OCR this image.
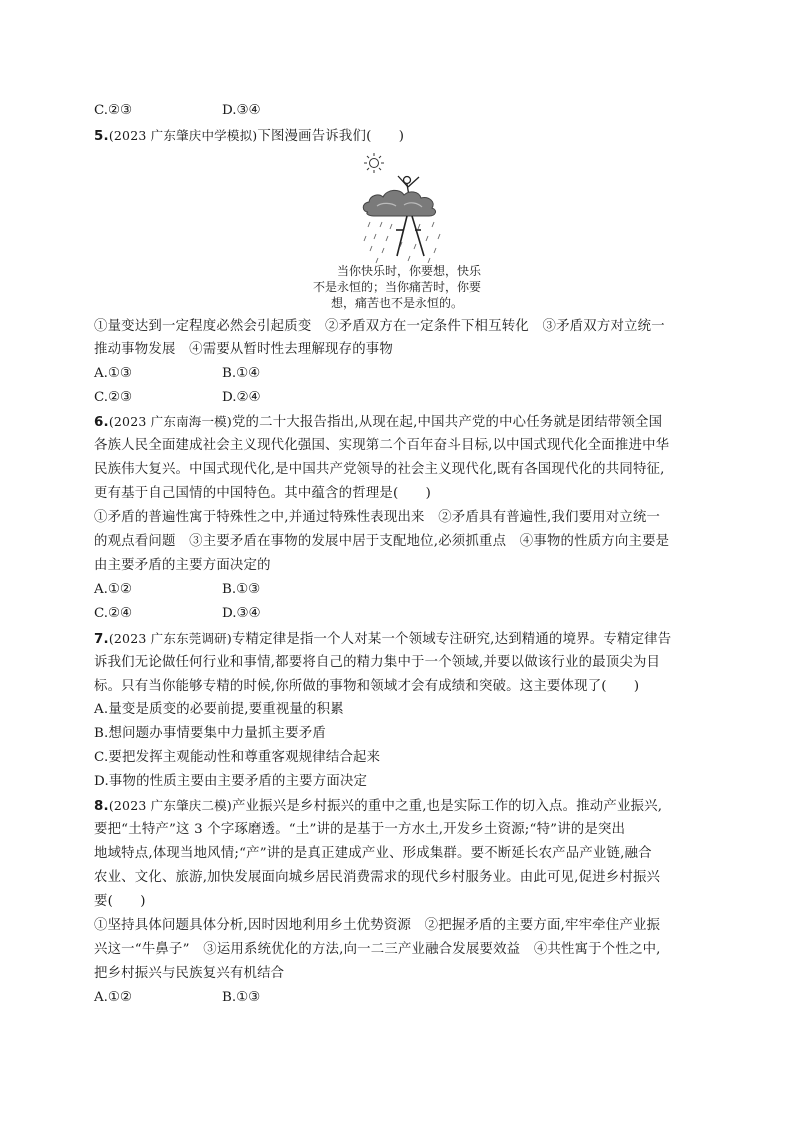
C.②③	D.③④
5.(2023 广东肇庆中学模拟)下图漫画告诉我们(　　)
当你快乐时，你要想，快乐
不是永恒的；当你痛苦时，你要
想，痛苦也不是永恒的。
①量变达到一定程度必然会引起质变　②矛盾双方在一定条件下相互转化　③矛盾双方对立统一
推动事物发展　④需要从暂时性去理解现存的事物
A.①③	B.①④
C.②③	D.②④
6.(2023 广东南海一模)党的二十大报告指出,从现在起,中国共产党的中心任务就是团结带领全国
各族人民全面建成社会主义现代化强国、实现第二个百年奋斗目标,以中国式现代化全面推进中华
民族伟大复兴。中国式现代化,是中国共产党领导的社会主义现代化,既有各国现代化的共同特征,
更有基于自己国情的中国特色。其中蕴含的哲理是(　　)
①矛盾的普遍性寓于特殊性之中,并通过特殊性表现出来　②矛盾具有普遍性,我们要用对立统一
的观点看问题　③主要矛盾在事物的发展中居于支配地位,必须抓重点　④事物的性质方向主要是
由主要矛盾的主要方面决定的
A.①②	B.①③
C.②④	D.③④
7.(2023 广东东莞调研)专精定律是指一个人对某一个领域专注研究,达到精通的境界。专精定律告
诉我们无论做任何行业和事情,都要将自己的精力集中于一个领域,并要以做该行业的最顶尖为目
标。只有当你能够专精的时候,你所做的事物和领域才会有成绩和突破。这主要体现了(　　)
A.量变是质变的必要前提,要重视量的积累
B.想问题办事情要集中力量抓主要矛盾
C.要把发挥主观能动性和尊重客观规律结合起来
D.事物的性质主要由主要矛盾的主要方面决定
8.(2023 广东肇庆二模)产业振兴是乡村振兴的重中之重,也是实际工作的切入点。推动产业振兴,
要把“土特产”这 3 个字琢磨透。“土”讲的是基于一方水土,开发乡土资源;“特”讲的是突出
地域特点,体现当地风情;“产”讲的是真正建成产业、形成集群。要不断延长农产品产业链,融合
农业、文化、旅游,加快发展面向城乡居民消费需求的现代乡村服务业。由此可见,促进乡村振兴
要(　　)
①坚持具体问题具体分析,因时因地利用乡土优势资源　②把握矛盾的主要方面,牢牢牵住产业振
兴这一“牛鼻子”　③运用系统优化的方法,向一二三产业融合发展要效益　④共性寓于个性之中,
把乡村振兴与民族复兴有机结合
A.①②	B.①③
